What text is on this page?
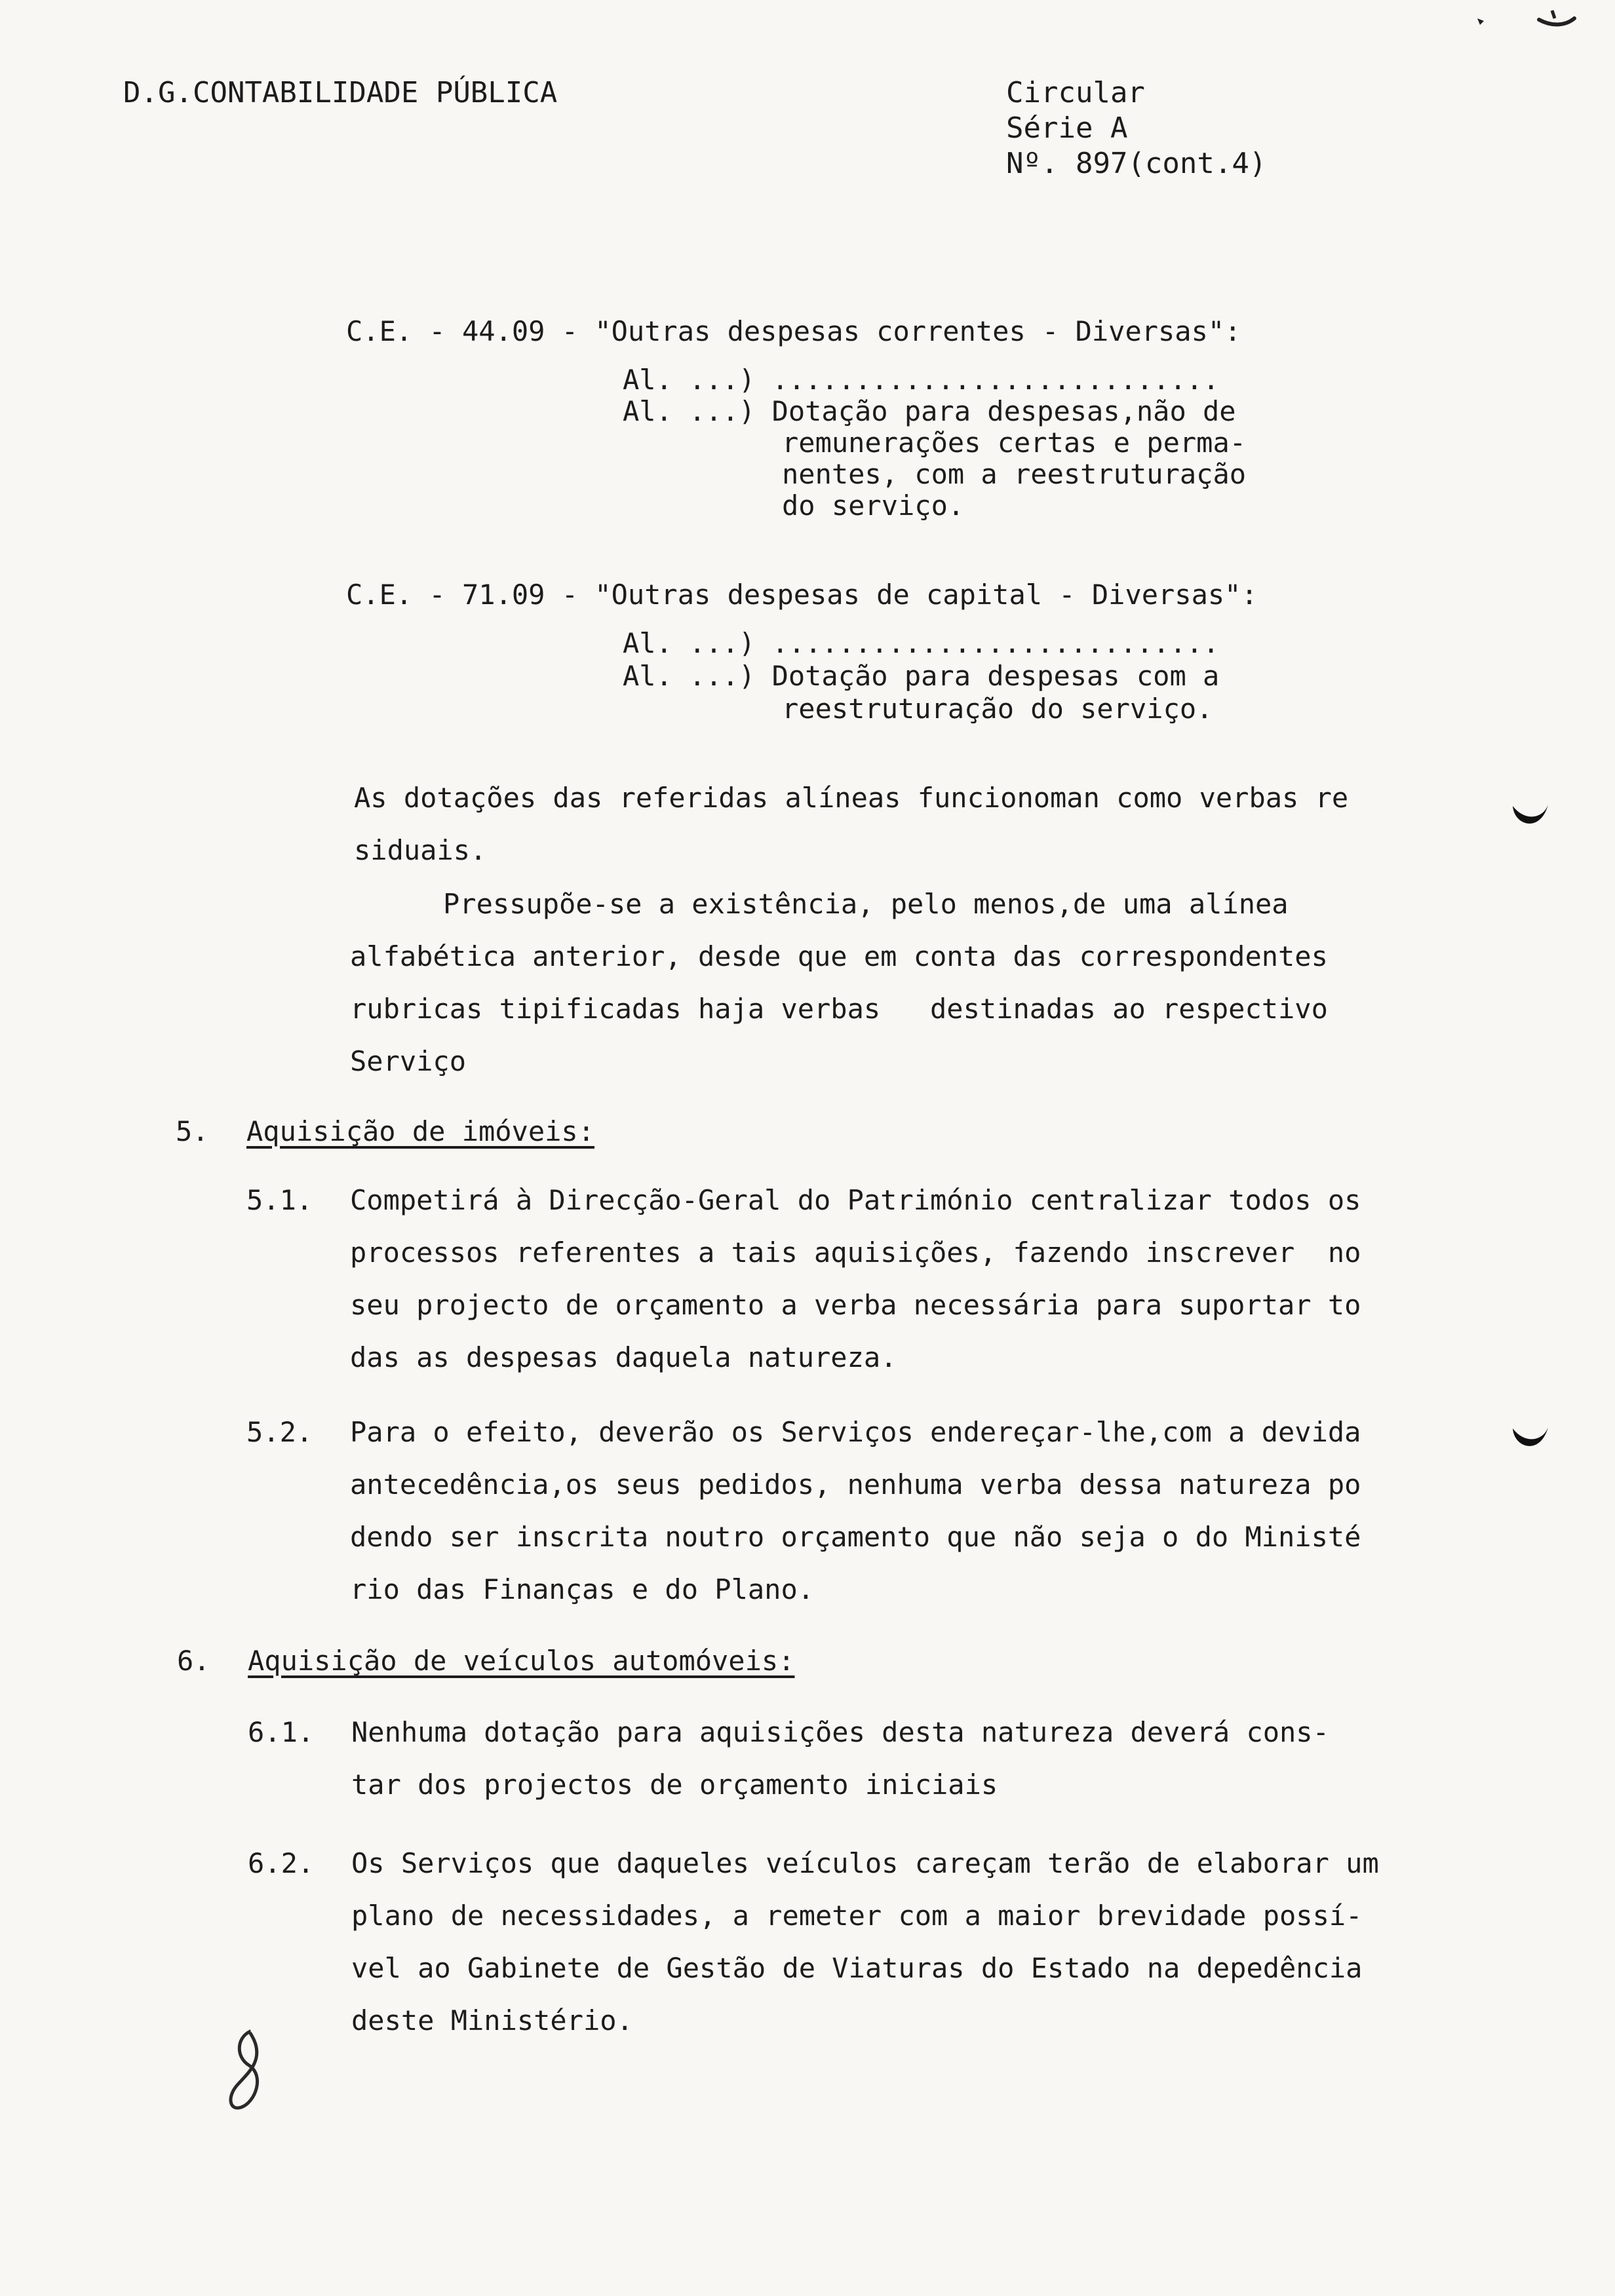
D.G.CONTABILIDADE PÚBLICA	Circular
Série A
Nº. 897(cont.4)
C.E. - 44.09 - "Outras despesas correntes - Diversas":
Al. ...) ...........................
Al. ...) Dotação para despesas,não de
remunerações certas e perma-
nentes, com a reestruturação
do serviço.
C.E. - 71.09 - "Outras despesas de capital - Diversas":
Al. ...) ...........................
Al. ...) Dotação para despesas com a
reestruturação do serviço.
As dotações das referidas alíneas funcionoman como verbas re
siduais.
Pressupõe-se a existência, pelo menos,de uma alínea
alfabética anterior, desde que em conta das correspondentes
rubricas tipificadas haja verbas   destinadas ao respectivo
Serviço
5. Aquisição de imóveis:
5.1. Competirá à Direcção-Geral do Património centralizar todos os
processos referentes a tais aquisições, fazendo inscrever  no
seu projecto de orçamento a verba necessária para suportar to
das as despesas daquela natureza.
5.2. Para o efeito, deverão os Serviços endereçar-lhe,com a devida
antecedência,os seus pedidos, nenhuma verba dessa natureza po
dendo ser inscrita noutro orçamento que não seja o do Ministé
rio das Finanças e do Plano.
6. Aquisição de veículos automóveis:
6.1. Nenhuma dotação para aquisições desta natureza deverá cons-
tar dos projectos de orçamento iniciais
6.2. Os Serviços que daqueles veículos careçam terão de elaborar um
plano de necessidades, a remeter com a maior brevidade possí-
vel ao Gabinete de Gestão de Viaturas do Estado na depedência
deste Ministério.
